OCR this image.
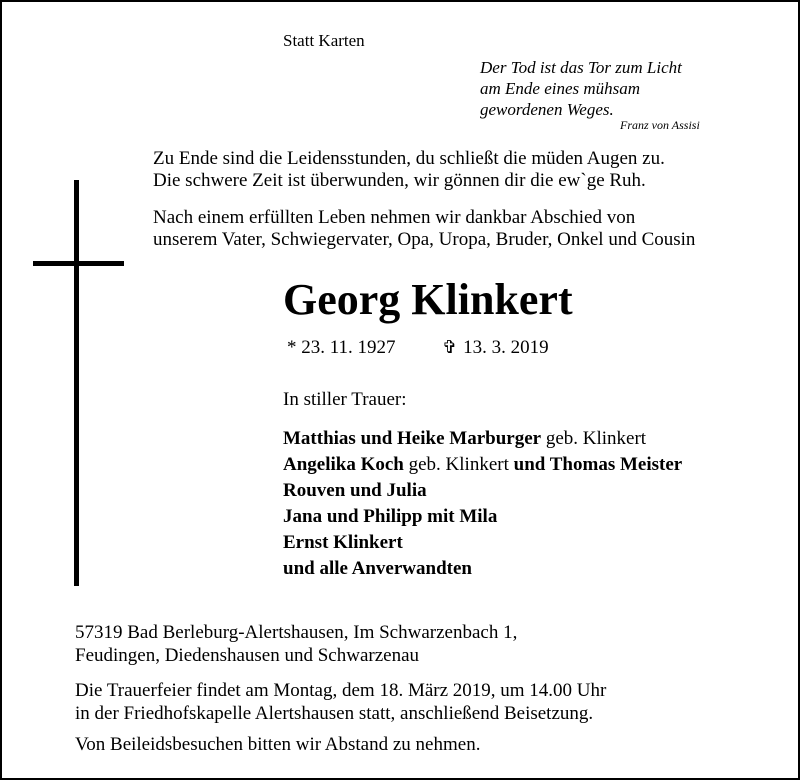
Statt Karten
Der Tod ist das Tor zum Licht
am Ende eines mühsam
gewordenen Weges.
Franz von Assisi
Zu Ende sind die Leidensstunden, du schließt die müden Augen zu.
Die schwere Zeit ist überwunden, wir gönnen dir die ew`ge Ruh.
Nach einem erfüllten Leben nehmen wir dankbar Abschied von
unserem Vater, Schwiegervater, Opa, Uropa, Bruder, Onkel und Cousin
Georg Klinkert
* 23. 11. 1927	✞ 13. 3. 2019
In stiller Trauer:
Matthias und Heike Marburger geb. Klinkert
Angelika Koch geb. Klinkert und Thomas Meister
Rouven und Julia
Jana und Philipp mit Mila
Ernst Klinkert
und alle Anverwandten
57319 Bad Berleburg-Alertshausen, Im Schwarzenbach 1,
Feudingen, Diedenshausen und Schwarzenau
Die Trauerfeier findet am Montag, dem 18. März 2019, um 14.00 Uhr
in der Friedhofskapelle Alertshausen statt, anschließend Beisetzung.
Von Beileidsbesuchen bitten wir Abstand zu nehmen.
